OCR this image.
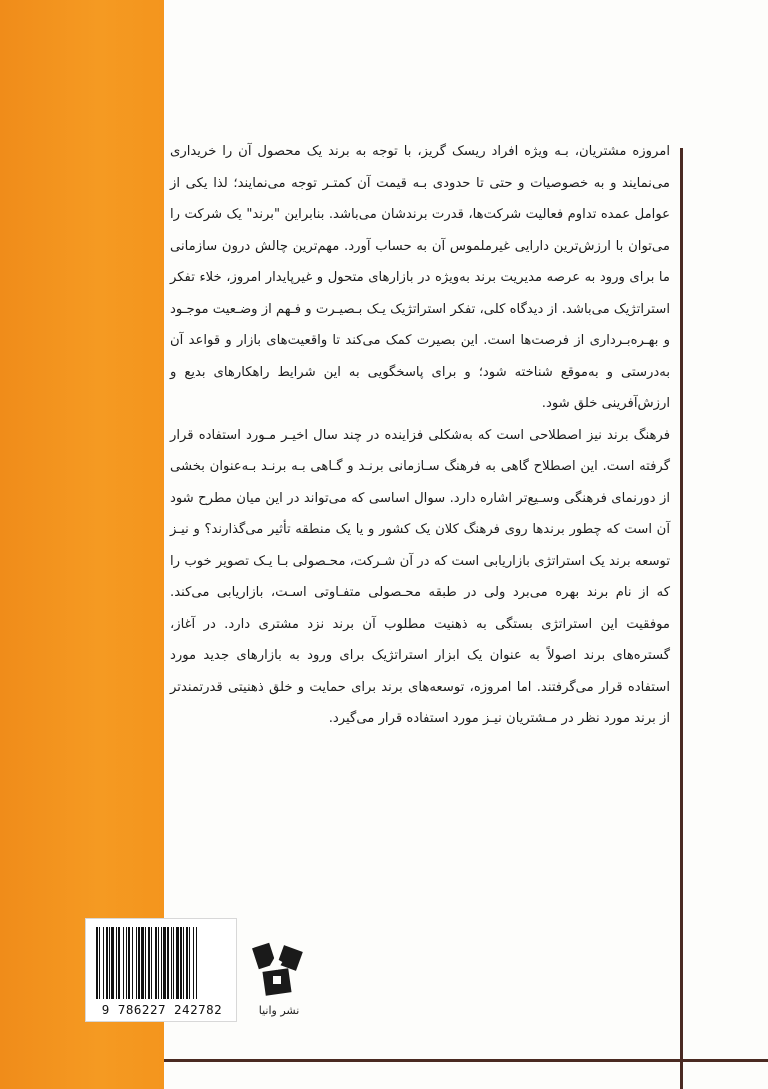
امروزه مشتریان، بـه ویژه افراد ریسک گریز، با توجه به برند یک محصول آن را خریداری می‌نمایند و به خصوصیات و حتی تا حدودی بـه قیمت آن کمتـر توجه می‌نمایند؛ لذا یکی از عوامل عمده تداوم فعالیت شرکت‌ها، قدرت برندشان می‌باشد. بنابراین "برند" یک شرکت را می‌توان با ارزش‌ترین دارایی غیرملموس آن به حساب آورد. مهم‌ترین چالش درون سازمانی ما برای ورود به عرصه مدیریت برند به‌ویژه در بازارهای متحول و غیرپایدار امروز، خلاء تفکر استراتژیک می‌باشد. از دیدگاه کلی، تفکر استراتژیک یـک بـصیـرت و فـهم از وضـعیت موجـود و بهـره‌بـرداری از فرصت‌ها است. این بصیرت کمک می‌کند تا واقعیت‌های بازار و قواعد آن به‌درستی و به‌موقع شناخته شود؛ و برای پاسخگویی به این شرایط راهکارهای بدیع و ارزش‌آفرینی خلق شود.

فرهنگ برند نیز اصطلاحی است که به‌شکلی فزاینده در چند سال اخیـر مـورد استفاده قرار گرفته است. این اصطلاح گاهی به فرهنگ سـازمانی برنـد و گـاهی بـه برنـد بـه‌عنوان بخشی از دورنمای فرهنگی وسـیع‌تر اشاره دارد. سوال اساسی که می‌تواند در این میان مطرح شود آن است که چطور برندها روی فرهنگ کلان یک کشور و یا یک منطقه تأثیر می‌گذارند؟ و نیـز توسعه برند یک استراتژی بازاریابی است که در آن شـرکت، محـصولی بـا یـک تصویر خوب را که از نام برند بهره می‌برد ولی در طبقه محـصولی متفـاوتی اسـت، بازاریابی می‌کند. موفقیت این استراتژی بستگی به ذهنیت مطلوب آن برند نزد مشتری دارد. در آغاز، گستره‌های برند اصولاً به عنوان یک ابزار استراتژیک برای ورود به بازارهای جدید مورد استفاده قرار می‌گرفتند. اما امروزه، توسعه‌های برند برای حمایت و خلق ذهنیتی قدرتمندتر از برند مورد نظر در مـشتریان نیـز مورد استفاده قرار می‌گیرد.

9 786227 242782	نشر وانیا
